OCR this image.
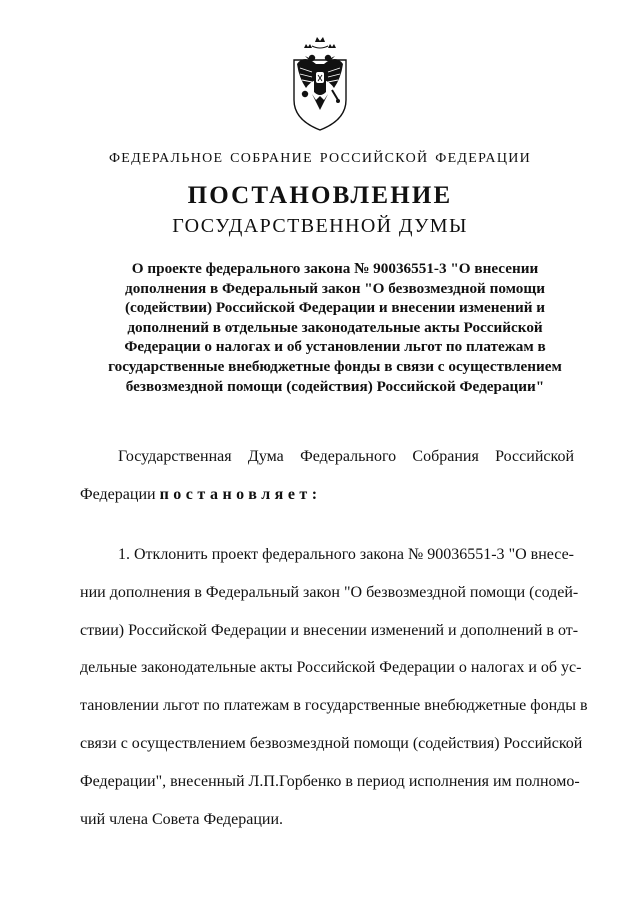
ФЕДЕРАЛЬНОЕ СОБРАНИЕ РОССИЙСКОЙ ФЕДЕРАЦИИ
ПОСТАНОВЛЕНИЕ
ГОСУДАРСТВЕННОЙ ДУМЫ
О проекте федерального закона № 90036551-3 "О внесении
дополнения в Федеральный закон "О безвозмездной помощи
(содействии) Российской Федерации и внесении изменений и
дополнений в отдельные законодательные акты Российской
Федерации о налогах и об установлении льгот по платежам в
государственные внебюджетные фонды в связи с осуществлением
безвозмездной помощи (содействия) Российской Федерации"
Государственная Дума Федерального Собрания Российской
Федерации постановляет:
1. Отклонить проект федерального закона № 90036551-3 "О внесе-
нии дополнения в Федеральный закон "О безвозмездной помощи (содей-
ствии) Российской Федерации и внесении изменений и дополнений в от-
дельные законодательные акты Российской Федерации о налогах и об ус-
тановлении льгот по платежам в государственные внебюджетные фонды в
связи с осуществлением безвозмездной помощи (содействия) Российской
Федерации", внесенный Л.П.Горбенко в период исполнения им полномо-
чий члена Совета Федерации.
